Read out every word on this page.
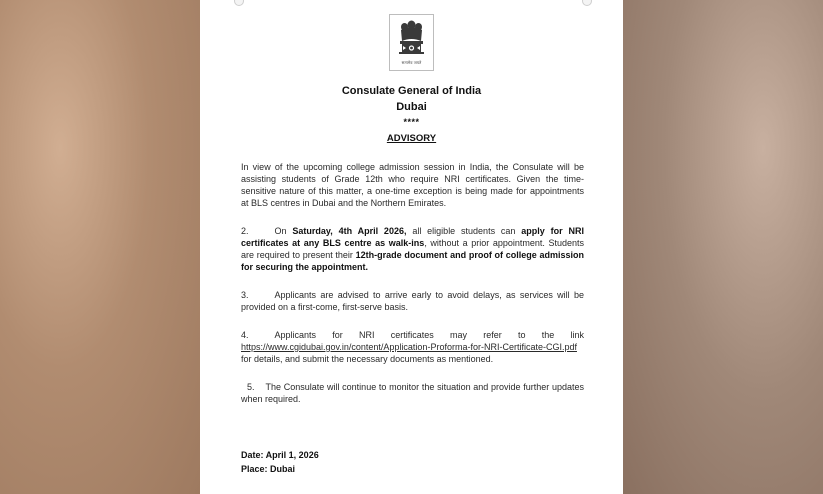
सत्यमेव जयते
Consulate General of India
Dubai
****
ADVISORY
In view of the upcoming college admission session in India, the Consulate will be assisting students of Grade 12th who require NRI certificates. Given the time-sensitive nature of this matter, a one-time exception is being made for appointments at BLS centres in Dubai and the Northern Emirates.
2.	On Saturday, 4th April 2026, all eligible students can apply for NRI certificates at any BLS centre as walk-ins, without a prior appointment. Students are required to present their 12th-grade document and proof of college admission for securing the appointment.
3.	Applicants are advised to arrive early to avoid delays, as services will be provided on a first-come, first-serve basis.
4.	Applicants for NRI certificates may refer to the link
https://www.cgidubai.gov.in/content/Application-Proforma-for-NRI-Certificate-CGI.pdf
for details, and submit the necessary documents as mentioned.
5. The Consulate will continue to monitor the situation and provide further updates when required.
Date: April 1, 2026
Place: Dubai
